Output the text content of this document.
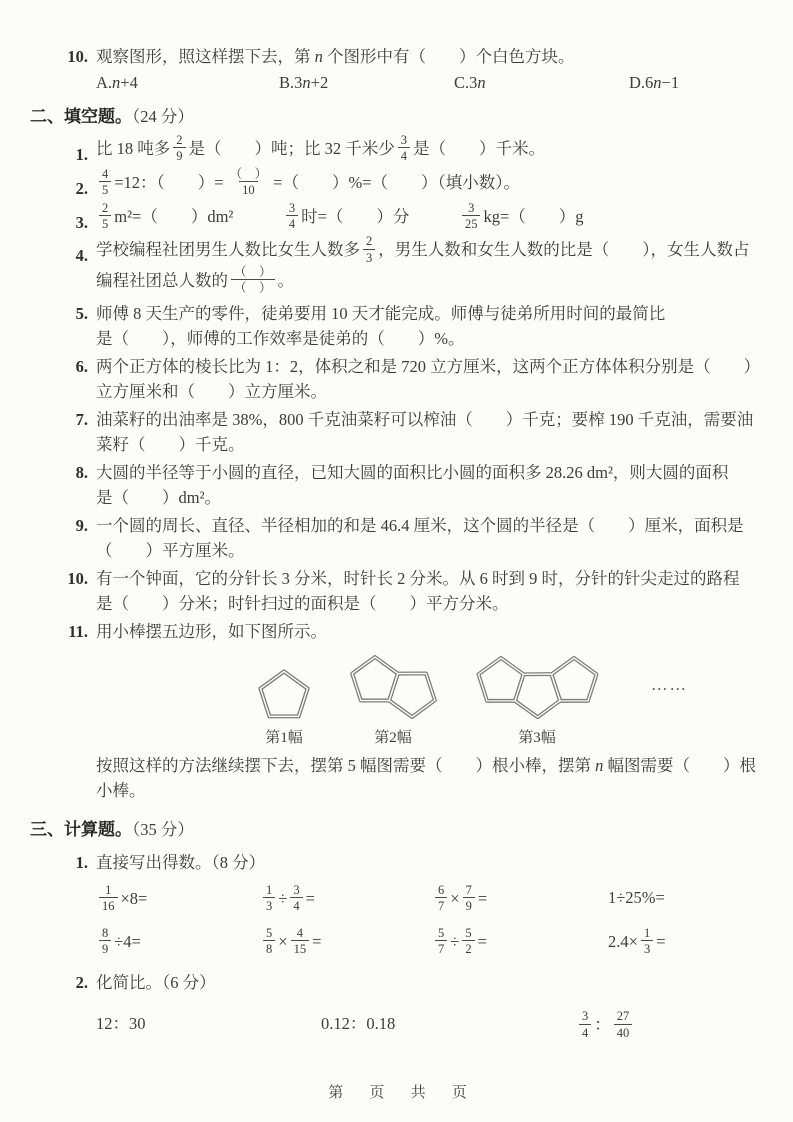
10. 观察图形，照这样摆下去，第 n 个图形中有（　　）个白色方块。
A.n+4	B.3n+2	C.3n	D.6n−1
二、填空题。（24 分）
1. 比 18 吨多 $\frac{2}{9}$ 是（　　）吨；比 32 千米少 $\frac{3}{4}$ 是（　　）千米。
2. $\frac{4}{5} =12$：（　　）= $\frac{( )}{10}$ =（　　）%=（　　）（填小数）。
3. $\frac{2}{5} m^2=$（　　）dm²　　　	$\frac{3}{4}$ 时=（　　）分　　　	$\frac{3}{25} kg=$（　　）g
4. 学校编程社团男生人数比女生人数多 $\frac{2}{3}$ ，男生人数和女生人数的比是（　　），女生人数占
编程社团总人数的 $\frac{( )}{( )}$ 。
5. 师傅 8 天生产的零件，徒弟要用 10 天才能完成。师傅与徒弟所用时间的最简比
是（　　），师傅的工作效率是徒弟的（　　）%。
6. 两个正方体的棱长比为 1：2，体积之和是 720 立方厘米，这两个正方体体积分别是（　　）
立方厘米和（　　）立方厘米。
7. 油菜籽的出油率是 38%，800 千克油菜籽可以榨油（　　）千克；要榨 190 千克油，需要油
菜籽（　　）千克。
8. 大圆的半径等于小圆的直径，已知大圆的面积比小圆的面积多 28.26 dm²，则大圆的面积
是（　　）dm²。
9. 一个圆的周长、直径、半径相加的和是 46.4 厘米，这个圆的半径是（　　）厘米，面积是
（　　）平方厘米。
10. 有一个钟面，它的分针长 3 分米，时针长 2 分米。从 6 时到 9 时，分针的针尖走过的路程
是（　　）分米；时针扫过的面积是（　　）平方分米。
11. 用小棒摆五边形，如下图所示。
第1幅	第2幅	第3幅
……
按照这样的方法继续摆下去，摆第 5 幅图需要（　　）根小棒，摆第 n 幅图需要（　　）根
小棒。
三、计算题。（35 分）
1. 直接写出得数。（8 分）
$\frac{1}{16} \times 8=$	$\frac{1}{3} \div \frac{3}{4}$ =	$\frac{6}{7} \times \frac{7}{9}$ =	1÷25%=
$\frac{8}{9} \div 4=$	$\frac{5}{8} \times \frac{4}{15}$ =	$\frac{5}{7} \div \frac{5}{2}$ =	$2.4\times \frac{1}{3}$ =
2. 化简比。（6 分）
12：30	0.12：0.18	$\frac{3}{4}$ ： $\frac{27}{40}$
第 页 共 页
